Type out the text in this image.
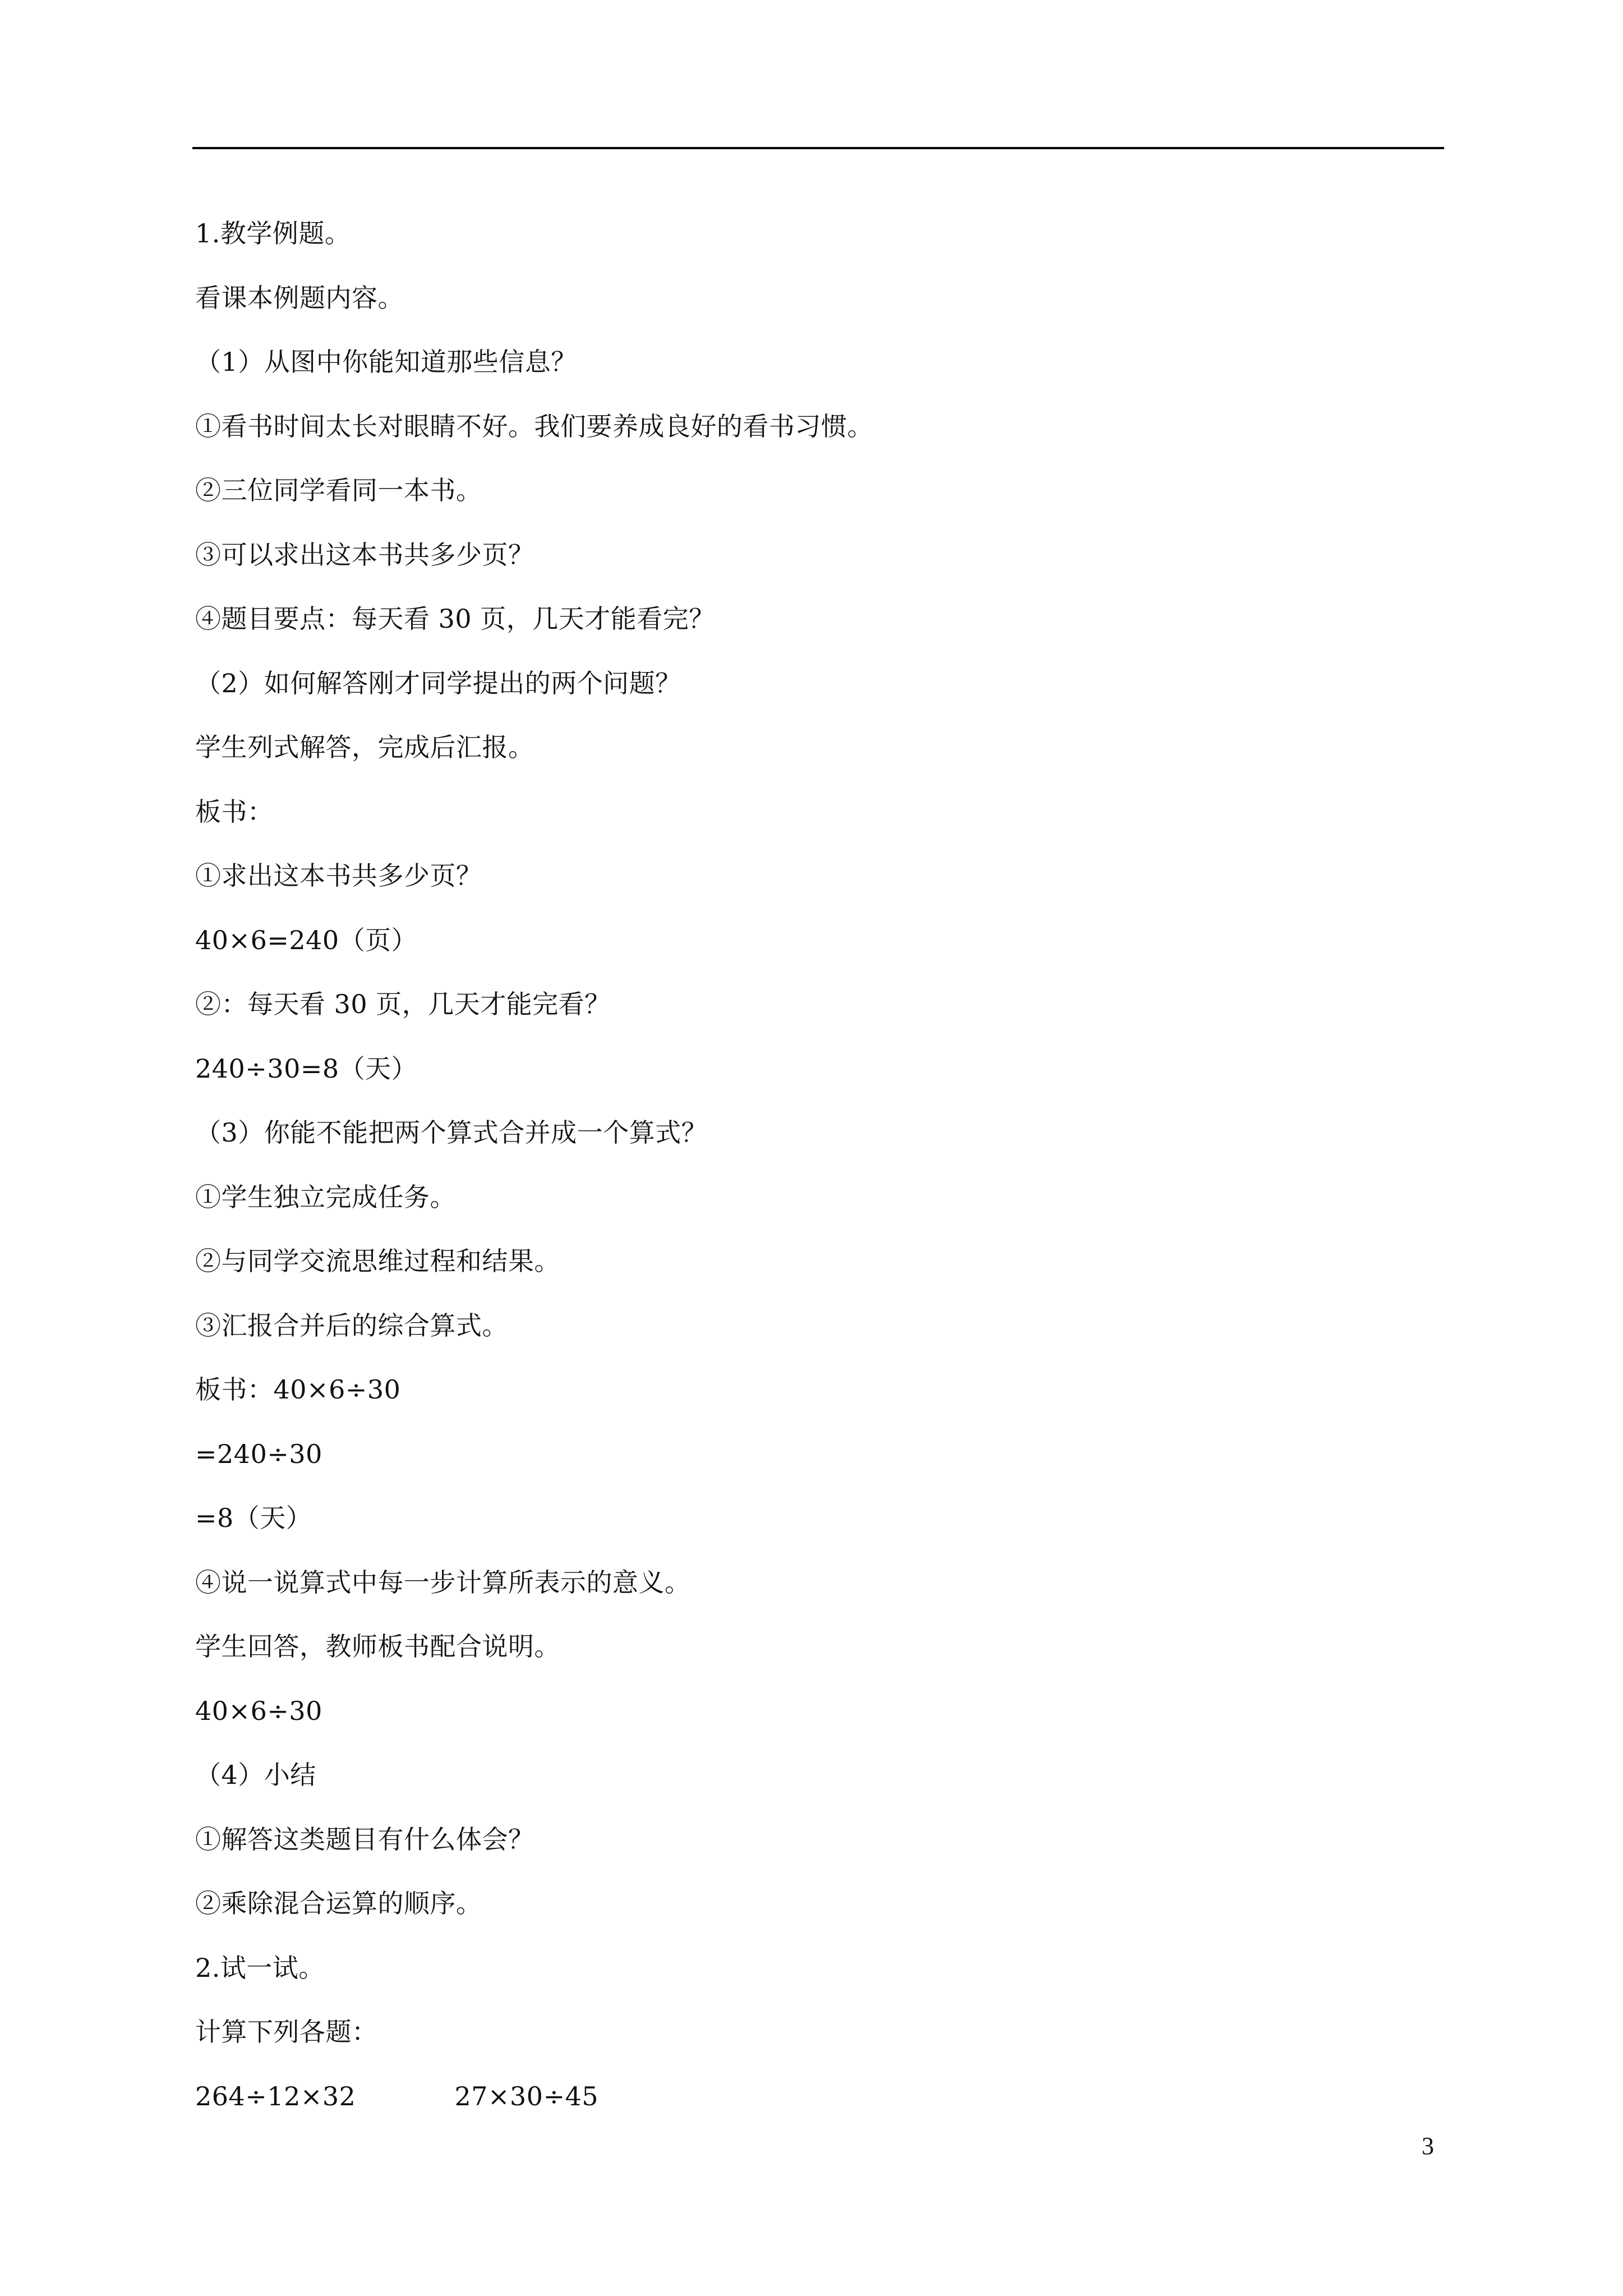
1.教学例题。
看课本例题内容。
（1）从图中你能知道那些信息？
①看书时间太长对眼睛不好。我们要养成良好的看书习惯。
②三位同学看同一本书。
③可以求出这本书共多少页？
④题目要点：每天看 30 页，几天才能看完？
（2）如何解答刚才同学提出的两个问题？
学生列式解答，完成后汇报。
板书：
①求出这本书共多少页？
40×6=240（页）
②：每天看 30 页，几天才能完看？
240÷30=8（天）
（3）你能不能把两个算式合并成一个算式？
①学生独立完成任务。
②与同学交流思维过程和结果。
③汇报合并后的综合算式。
板书：40×6÷30
=240÷30
=8（天）
④说一说算式中每一步计算所表示的意义。
学生回答，教师板书配合说明。
40×6÷30
（4）小结
①解答这类题目有什么体会？
②乘除混合运算的顺序。
2.试一试。
计算下列各题：
264÷12×32	27×30÷45
3
